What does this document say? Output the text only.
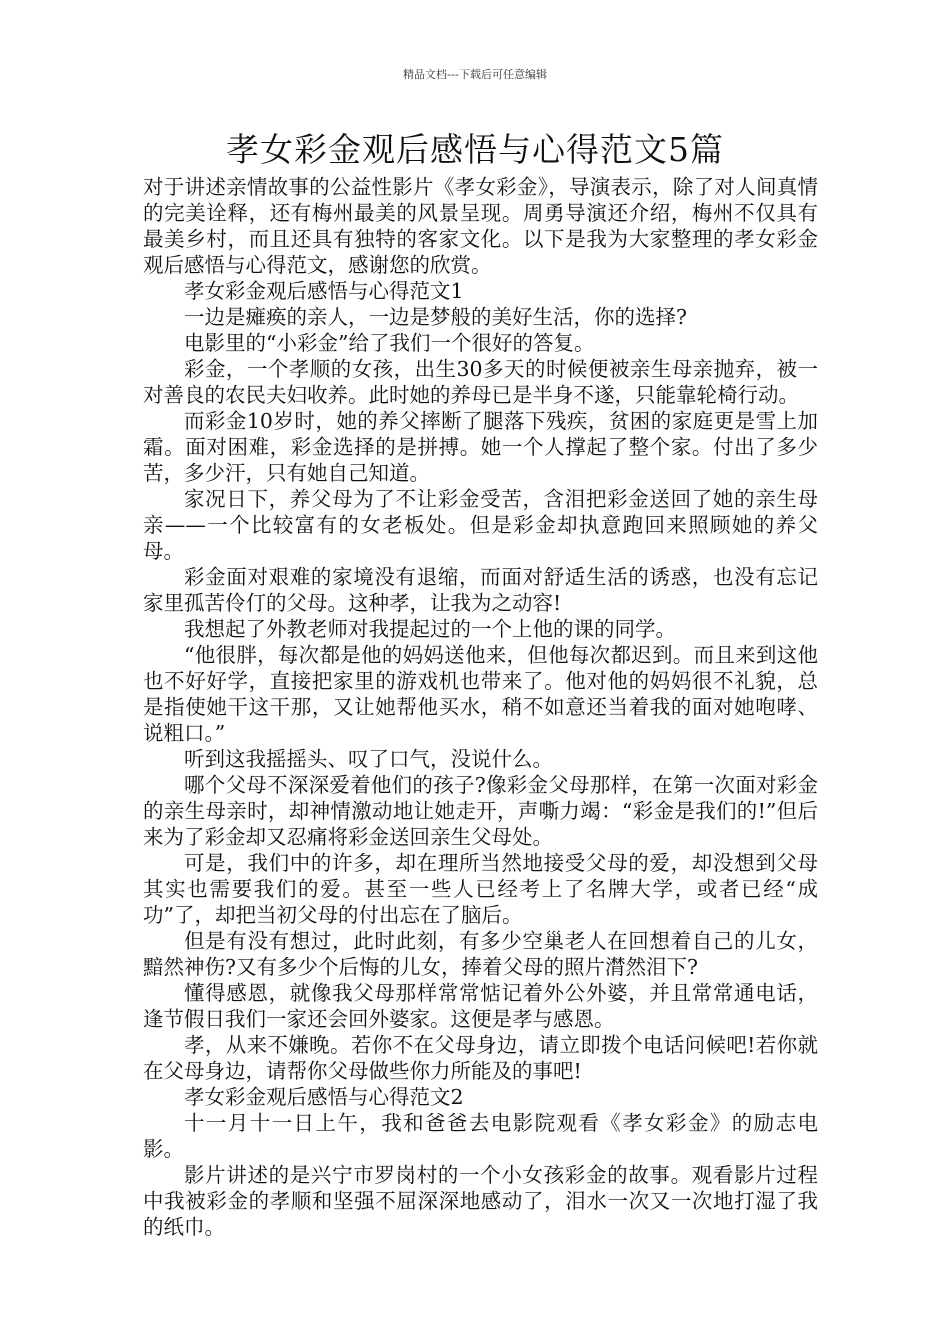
精品文档---下载后可任意编辑
孝女彩金观后感悟与心得范文5篇

对于讲述亲情故事的公益性影片《孝女彩金》，导演表示，除了对人间真情的完美诠释，还有梅州最美的风景呈现。周勇导演还介绍，梅州不仅具有最美乡村，而且还具有独特的客家文化。以下是我为大家整理的孝女彩金观后感悟与心得范文，感谢您的欣赏。

孝女彩金观后感悟与心得范文1

一边是瘫痪的亲人，一边是梦般的美好生活，你的选择?

电影里的“小彩金”给了我们一个很好的答复。

彩金，一个孝顺的女孩，出生30多天的时候便被亲生母亲抛弃，被一对善良的农民夫妇收养。此时她的养母已是半身不遂，只能靠轮椅行动。

而彩金10岁时，她的养父摔断了腿落下残疾，贫困的家庭更是雪上加霜。面对困难，彩金选择的是拼搏。她一个人撑起了整个家。付出了多少苦，多少汗，只有她自己知道。

家况日下，养父母为了不让彩金受苦，含泪把彩金送回了她的亲生母亲——一个比较富有的女老板处。但是彩金却执意跑回来照顾她的养父母。

彩金面对艰难的家境没有退缩，而面对舒适生活的诱惑，也没有忘记家里孤苦伶仃的父母。这种孝，让我为之动容!

我想起了外教老师对我提起过的一个上他的课的同学。

“他很胖，每次都是他的妈妈送他来，但他每次都迟到。而且来到这他也不好好学，直接把家里的游戏机也带来了。他对他的妈妈很不礼貌，总是指使她干这干那，又让她帮他买水，稍不如意还当着我的面对她咆哮、说粗口。”

听到这我摇摇头、叹了口气，没说什么。

哪个父母不深深爱着他们的孩子?像彩金父母那样，在第一次面对彩金的亲生母亲时，却神情激动地让她走开，声嘶力竭：“彩金是我们的!”但后来为了彩金却又忍痛将彩金送回亲生父母处。

可是，我们中的许多，却在理所当然地接受父母的爱，却没想到父母其实也需要我们的爱。甚至一些人已经考上了名牌大学，或者已经“成功”了，却把当初父母的付出忘在了脑后。

但是有没有想过，此时此刻，有多少空巢老人在回想着自己的儿女，黯然神伤?又有多少个后悔的儿女，捧着父母的照片潸然泪下?

懂得感恩，就像我父母那样常常惦记着外公外婆，并且常常通电话，逢节假日我们一家还会回外婆家。这便是孝与感恩。

孝，从来不嫌晚。若你不在父母身边，请立即拨个电话问候吧!若你就在父母身边，请帮你父母做些你力所能及的事吧!

孝女彩金观后感悟与心得范文2

十一月十一日上午，我和爸爸去电影院观看《孝女彩金》的励志电影。

影片讲述的是兴宁市罗岗村的一个小女孩彩金的故事。观看影片过程中我被彩金的孝顺和坚强不屈深深地感动了，泪水一次又一次地打湿了我的纸巾。
